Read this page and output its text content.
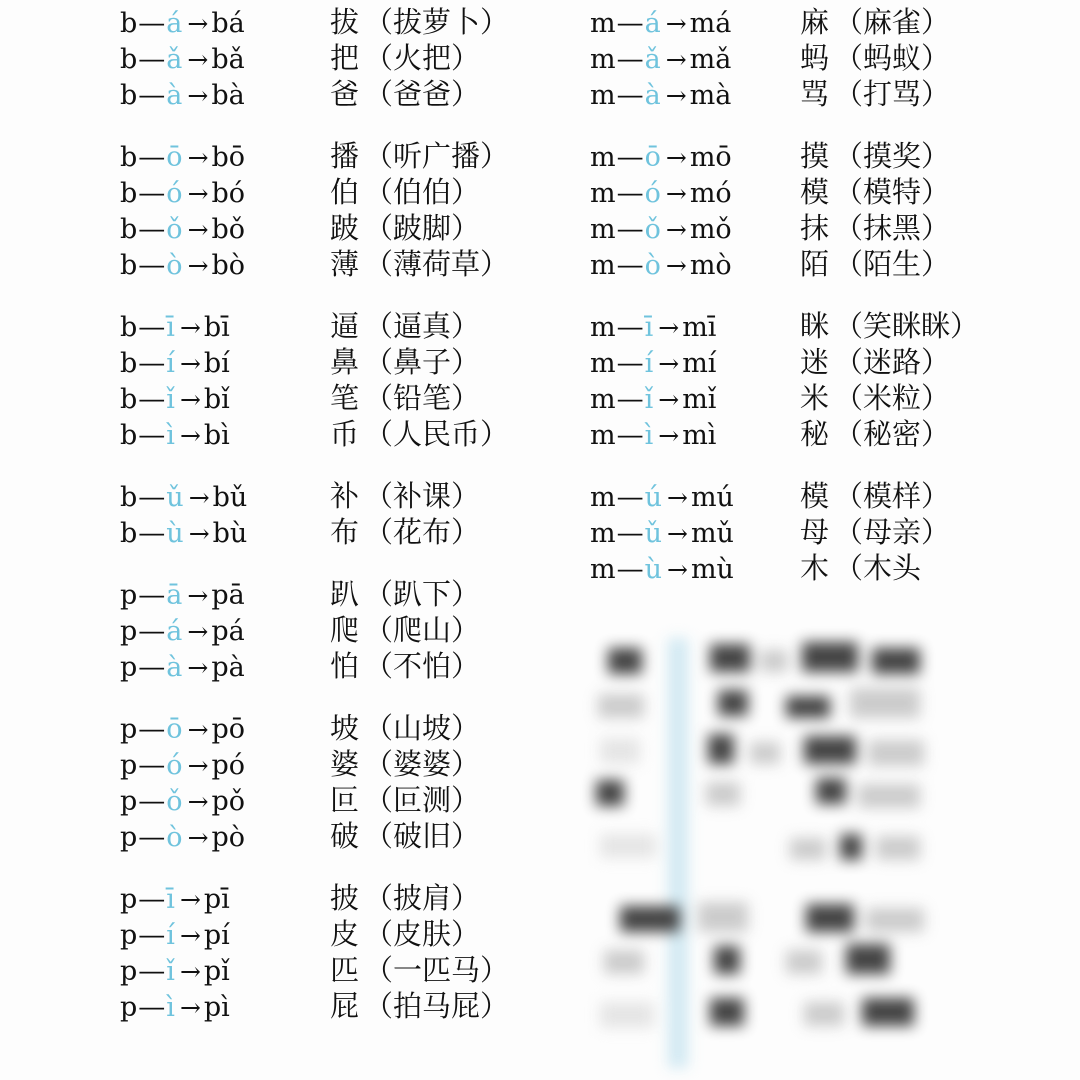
b — á → bá	拔 （拔萝卜）
b — ǎ → bǎ	把 （火把）
b — à → bà	爸 （爸爸）
b — ō → bō	播 （听广播）
b — ó → bó	伯 （伯伯）
b — ǒ → bǒ	跛 （跛脚）
b — ò → bò	薄 （薄荷草）
b — ī → bī	逼 （逼真）
b — í → bí	鼻 （鼻子）
b — ǐ → bǐ	笔 （铅笔）
b — ì → bì	币 （人民币）
b — ǔ → bǔ	补 （补课）
b — ù → bù	布 （花布）
p — ā → pā	趴 （趴下）
p — á → pá	爬 （爬山）
p — à → pà	怕 （不怕）
p — ō → pō	坡 （山坡）
p — ó → pó	婆 （婆婆）
p — ǒ → pǒ	叵 （叵测）
p — ò → pò	破 （破旧）
p — ī → pī	披 （披肩）
p — í → pí	皮 （皮肤）
p — ǐ → pǐ	匹 （一匹马）
p — ì → pì	屁 （拍马屁）
m — á → má 麻 （麻雀）
m — ǎ → mǎ 蚂 （蚂蚁）
m — à → mà 骂 （打骂）
m — ō → mō 摸 （摸奖）
m — ó → mó 模 （模特）
m — ǒ → mǒ 抹 （抹黑）
m — ò → mò 陌 （陌生）
m — ī → mī	眯 （笑眯眯）
m — í → mí	迷 （迷路）
m — ǐ → mǐ	米 （米粒）
m — ì → mì	秘 （秘密）
m — ú → mú 模 （模样）
m — ǔ → mǔ 母 （母亲）
m — ù → mù 木 （木头
